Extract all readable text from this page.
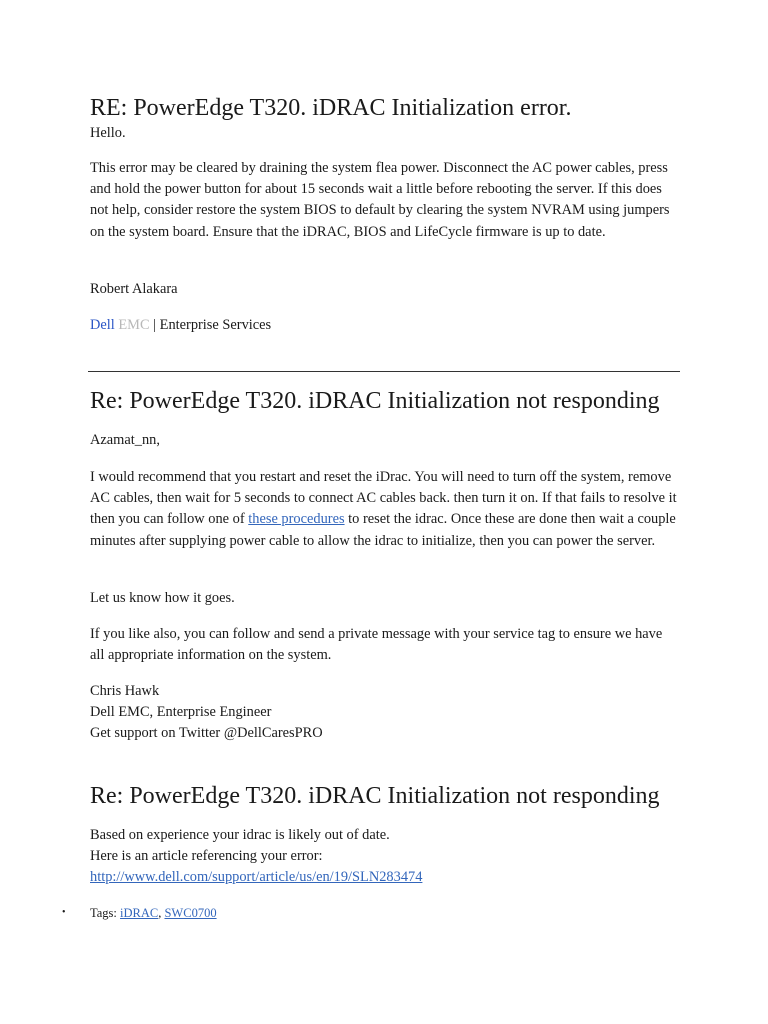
RE: PowerEdge T320. iDRAC Initialization error.

Hello.

This error may be cleared by draining the system flea power. Disconnect the AC power cables, press and hold the power button for about 15 seconds wait a little before rebooting the server. If this does not help, consider restore the system BIOS to default by clearing the system NVRAM using jumpers on the system board. Ensure that the iDRAC, BIOS and LifeCycle firmware is up to date.

Robert Alakara

Dell EMC | Enterprise Services

Re: PowerEdge T320. iDRAC Initialization not responding

Azamat_nn,

I would recommend that you restart and reset the iDrac. You will need to turn off the system, remove AC cables, then wait for 5 seconds to connect AC cables back. then turn it on. If that fails to resolve it then you can follow one of these procedures to reset the idrac. Once these are done then wait a couple minutes after supplying power cable to allow the idrac to initialize, then you can power the server.

Let us know how it goes.

If you like also, you can follow and send a private message with your service tag to ensure we have all appropriate information on the system.

Chris Hawk

Dell EMC, Enterprise Engineer

Get support on Twitter @DellCaresPRO

Re: PowerEdge T320. iDRAC Initialization not responding

Based on experience your idrac is likely out of date.

Here is an article referencing your error:

http://www.dell.com/support/article/us/en/19/SLN283474
• Tags: iDRAC, SWC0700
